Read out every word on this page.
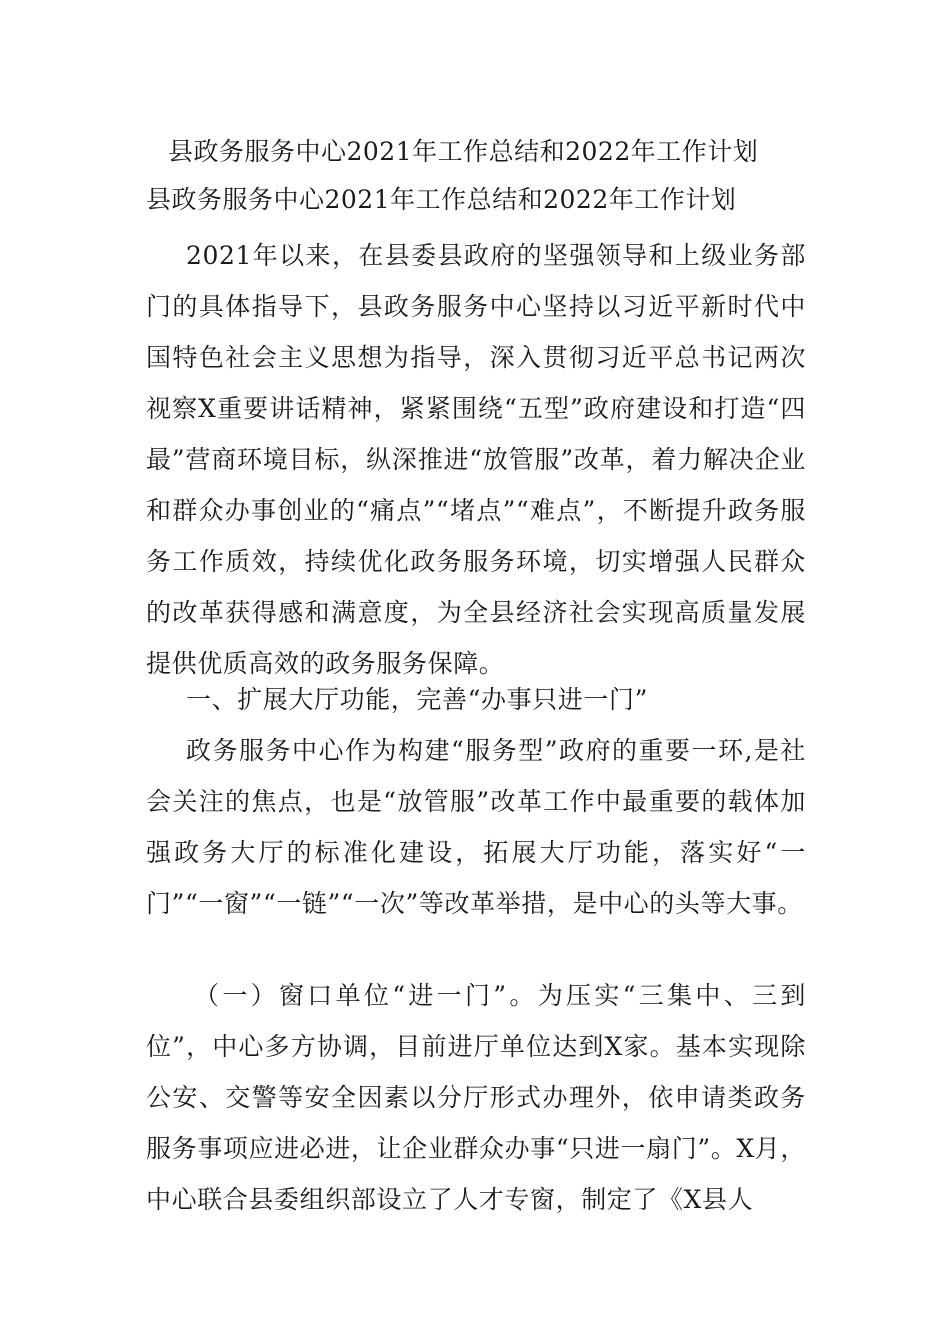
县政务服务中心2021年工作总结和2022年工作计划
县政务服务中心2021年工作总结和2022年工作计划
2021年以来，在县委县政府的坚强领导和上级业务部门的具体指导下，县政务服务中心坚持以习近平新时代中国特色社会主义思想为指导，深入贯彻习近平总书记两次视察X重要讲话精神，紧紧围绕“五型”政府建设和打造“四最”营商环境目标，纵深推进“放管服”改革，着力解决企业和群众办事创业的“痛点”“堵点”“难点”，不断提升政务服务工作质效，持续优化政务服务环境，切实增强人民群众的改革获得感和满意度，为全县经济社会实现高质量发展提供优质高效的政务服务保障。
一、扩展大厅功能，完善“办事只进一门”
政务服务中心作为构建“服务型”政府的重要一环,是社会关注的焦点，也是“放管服”改革工作中最重要的载体加强政务大厅的标准化建设，拓展大厅功能，落实好“一门”“一窗”“一链”“一次”等改革举措，是中心的头等大事。
（一）窗口单位“进一门”。为压实“三集中、三到位”，中心多方协调，目前进厅单位达到X家。基本实现除公安、交警等安全因素以分厅形式办理外，依申请类政务服务事项应进必进，让企业群众办事“只进一扇门”。X月，中心联合县委组织部设立了人才专窗，制定了《X县人
